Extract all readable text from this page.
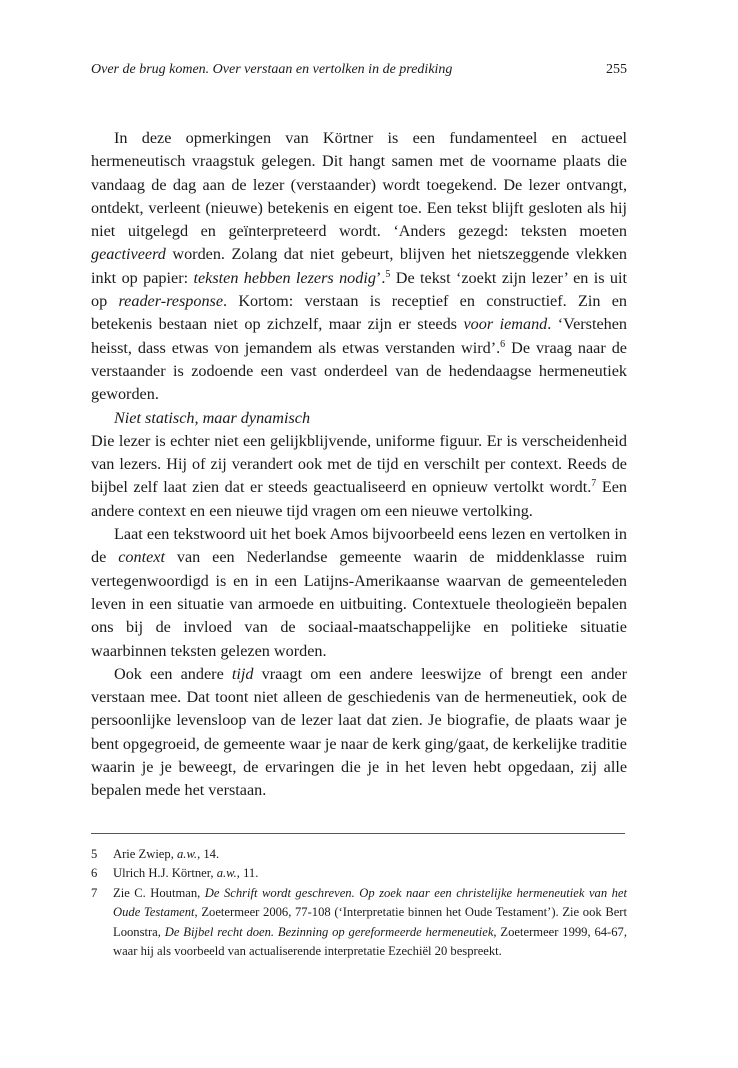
Over de brug komen. Over verstaan en vertolken in de prediking	255

In deze opmerkingen van Körtner is een fundamenteel en actueel hermeneutisch vraagstuk gelegen. Dit hangt samen met de voorname plaats die vandaag de dag aan de lezer (verstaander) wordt toegekend. De lezer ontvangt, ontdekt, verleent (nieuwe) betekenis en eigent toe. Een tekst blijft gesloten als hij niet uitgelegd en geïnterpreteerd wordt. ‘Anders gezegd: teksten moeten geactiveerd worden. Zolang dat niet gebeurt, blijven het nietszeggende vlekken inkt op papier: teksten hebben lezers nodig’.$^5$ De tekst ‘zoekt zijn lezer’ en is uit op reader-response. Kortom: verstaan is receptief en constructief. Zin en betekenis bestaan niet op zichzelf, maar zijn er steeds voor iemand. ‘Verstehen heisst, dass etwas von jemandem als etwas verstanden wird’.$^6$ De vraag naar de verstaander is zodoende een vast onderdeel van de hedendaagse hermeneutiek geworden.

Niet statisch, maar dynamisch

Die lezer is echter niet een gelijkblijvende, uniforme figuur. Er is verscheidenheid van lezers. Hij of zij verandert ook met de tijd en verschilt per context. Reeds de bijbel zelf laat zien dat er steeds geactualiseerd en opnieuw vertolkt wordt.$^7$ Een andere context en een nieuwe tijd vragen om een nieuwe vertolking.

Laat een tekstwoord uit het boek Amos bijvoorbeeld eens lezen en vertolken in de context van een Nederlandse gemeente waarin de middenklasse ruim vertegenwoordigd is en in een Latijns-Amerikaanse waarvan de gemeenteleden leven in een situatie van armoede en uitbuiting. Contextuele theologieën bepalen ons bij de invloed van de sociaal-maatschappelijke en politieke situatie waarbinnen teksten gelezen worden.

Ook een andere tijd vraagt om een andere leeswijze of brengt een ander verstaan mee. Dat toont niet alleen de geschiedenis van de hermeneutiek, ook de persoonlijke levensloop van de lezer laat dat zien. Je biografie, de plaats waar je bent opgegroeid, de gemeente waar je naar de kerk ging/gaat, de kerkelijke traditie waarin je je beweegt, de ervaringen die je in het leven hebt opgedaan, zij alle bepalen mede het verstaan.

5	Arie Zwiep, a.w., 14.
6	Ulrich H.J. Körtner, a.w., 11.
7	Zie C. Houtman, De Schrift wordt geschreven. Op zoek naar een christelijke hermeneutiek van het Oude Testament, Zoetermeer 2006, 77-108 (‘Interpretatie binnen het Oude Testament’). Zie ook Bert Loonstra, De Bijbel recht doen. Bezinning op gereformeerde hermeneutiek, Zoetermeer 1999, 64-67, waar hij als voorbeeld van actualiserende interpretatie Ezechiël 20 bespreekt.
